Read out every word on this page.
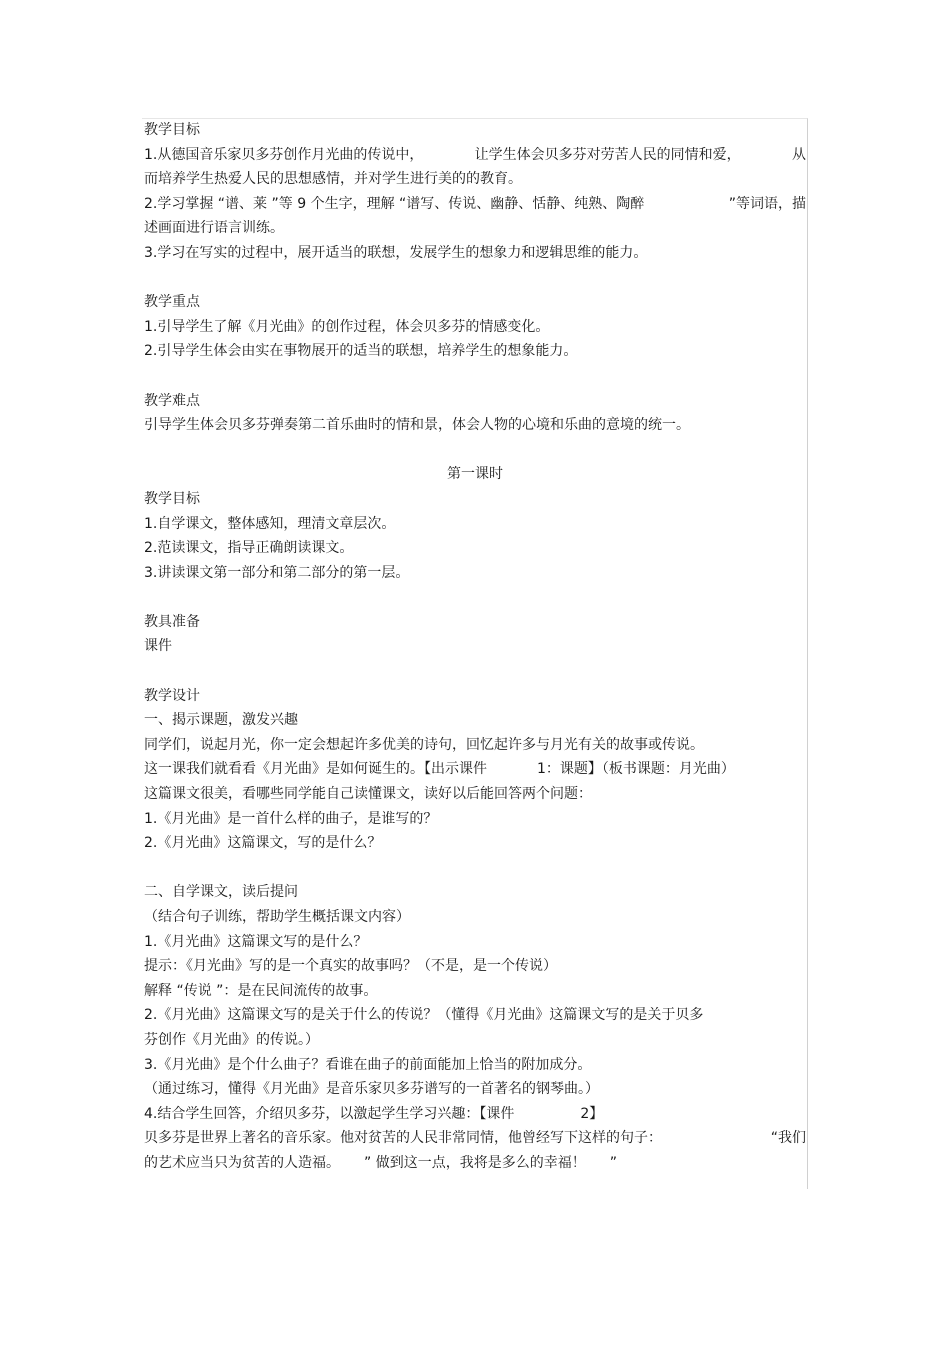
教学目标
1.从德国音乐家贝多芬创作月光曲的传说中，	让学生体会贝多芬对劳苦人民的同情和爱，	从
而培养学生热爱人民的思想感情，并对学生进行美的的教育。
2.学习掌握 “谱、莱 ”等 9 个生字，理解 “谱写、传说、幽静、恬静、纯熟、陶醉	”等词语，描
述画面进行语言训练。
3.学习在写实的过程中，展开适当的联想，发展学生的想象力和逻辑思维的能力。
教学重点
1.引导学生了解《月光曲》的创作过程，体会贝多芬的情感变化。
2.引导学生体会由实在事物展开的适当的联想，培养学生的想象能力。
教学难点
引导学生体会贝多芬弹奏第二首乐曲时的情和景，体会人物的心境和乐曲的意境的统一。
第一课时
教学目标
1.自学课文，整体感知，理清文章层次。
2.范读课文，指导正确朗读课文。
3.讲读课文第一部分和第二部分的第一层。
教具准备
课件
教学设计
一、揭示课题，激发兴趣
同学们，说起月光，你一定会想起许多优美的诗句，回忆起许多与月光有关的故事或传说。
这一课我们就看看《月光曲》是如何诞生的。【出示课件	1：课题】（板书课题：月光曲）
这篇课文很美，看哪些同学能自己读懂课文，读好以后能回答两个问题：
1.《月光曲》是一首什么样的曲子，是谁写的？
2.《月光曲》这篇课文，写的是什么？
二、自学课文，读后提问
（结合句子训练，帮助学生概括课文内容）
1.《月光曲》这篇课文写的是什么？
提示：《月光曲》写的是一个真实的故事吗？（不是，是一个传说）
解释 “传说 ”：是在民间流传的故事。
2.《月光曲》这篇课文写的是关于什么的传说？（懂得《月光曲》这篇课文写的是关于贝多
芬创作《月光曲》的传说。）
3.《月光曲》是个什么曲子？看谁在曲子的前面能加上恰当的附加成分。
（通过练习，懂得《月光曲》是音乐家贝多芬谱写的一首著名的钢琴曲。）
4.结合学生回答，介绍贝多芬，以激起学生学习兴趣：【课件	2】
贝多芬是世界上著名的音乐家。他对贫苦的人民非常同情，他曾经写下这样的句子：	“我们
的艺术应当只为贫苦的人造福。 ” 做到这一点，我将是多么的幸福！ ”
